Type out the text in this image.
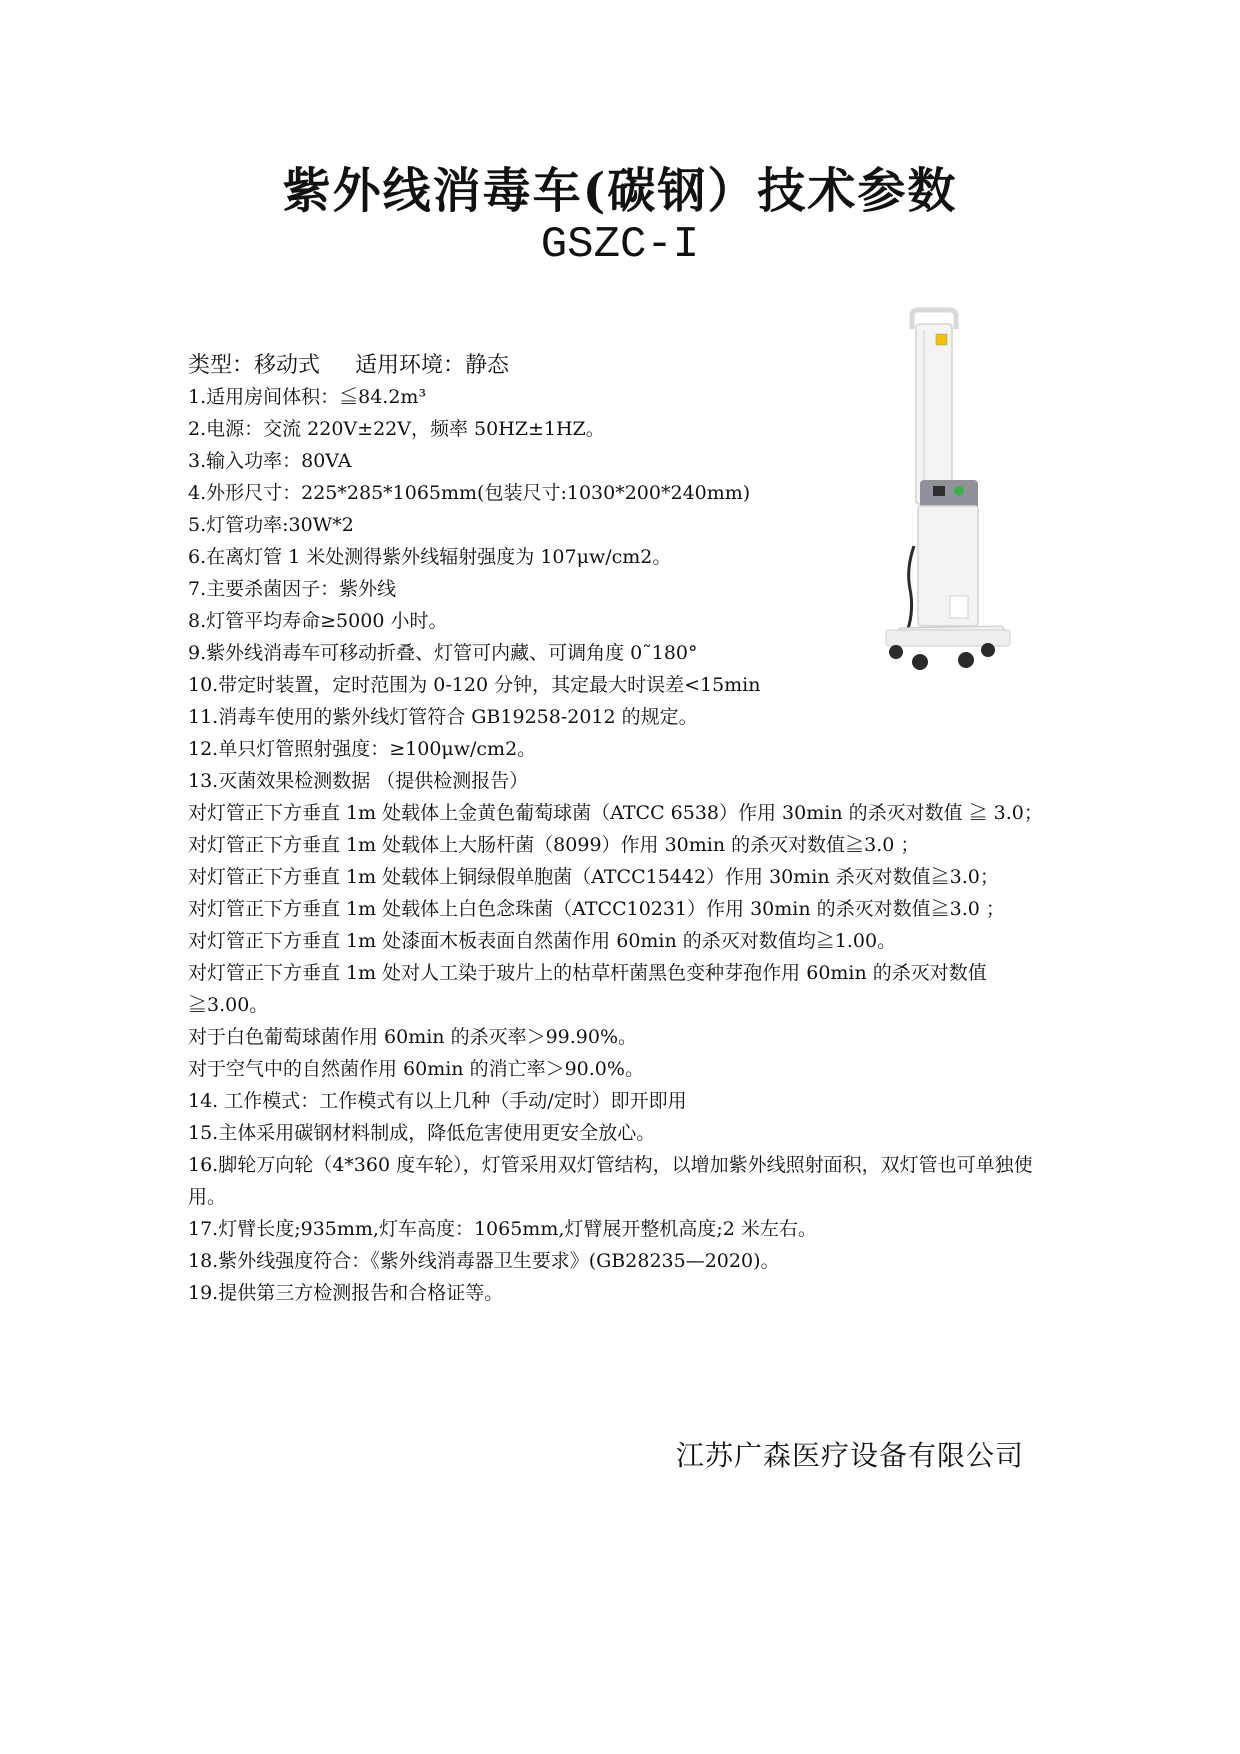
紫外线消毒车(碳钢）技术参数
GSZC-I
类型：移动式     适用环境：静态
1.适用房间体积：≦84.2m³
2.电源：交流 220V±22V，频率 50HZ±1HZ。
3.输入功率：80VA
4.外形尺寸：225*285*1065mm(包装尺寸:1030*200*240mm)
5.灯管功率:30W*2
6.在离灯管 1 米处测得紫外线辐射强度为 107μw/cm2。
7.主要杀菌因子：紫外线
8.灯管平均寿命≥5000 小时。
9.紫外线消毒车可移动折叠、灯管可内藏、可调角度 0˜180°
10.带定时装置，定时范围为 0-120 分钟，其定最大时误差<15min
11.消毒车使用的紫外线灯管符合 GB19258-2012 的规定。
12.单只灯管照射强度：≥100μw/cm2。
13.灭菌效果检测数据 （提供检测报告）
对灯管正下方垂直 1m 处载体上金黄色葡萄球菌（ATCC 6538）作用 30min 的杀灭对数值 ≧ 3.0；
对灯管正下方垂直 1m 处载体上大肠杆菌（8099）作用 30min 的杀灭对数值≧3.0 ；
对灯管正下方垂直 1m 处载体上铜绿假单胞菌（ATCC15442）作用 30min 杀灭对数值≧3.0；
对灯管正下方垂直 1m 处载体上白色念珠菌（ATCC10231）作用 30min 的杀灭对数值≧3.0 ；
对灯管正下方垂直 1m 处漆面木板表面自然菌作用 60min 的杀灭对数值均≧1.00。
对灯管正下方垂直 1m 处对人工染于玻片上的枯草杆菌黑色变种芽孢作用 60min 的杀灭对数值≧3.00。
对于白色葡萄球菌作用 60min 的杀灭率＞99.90%。
对于空气中的自然菌作用 60min 的消亡率＞90.0%。
14. 工作模式：工作模式有以上几种（手动/定时）即开即用
15.主体采用碳钢材料制成，降低危害使用更安全放心。
16.脚轮万向轮（4*360 度车轮），灯管采用双灯管结构，以增加紫外线照射面积，双灯管也可单独使用。
17.灯臂长度;935mm,灯车高度：1065mm,灯臂展开整机高度;2 米左右。
18.紫外线强度符合：《紫外线消毒器卫生要求》(GB28235—2020)。
19.提供第三方检测报告和合格证等。
江苏广森医疗设备有限公司
